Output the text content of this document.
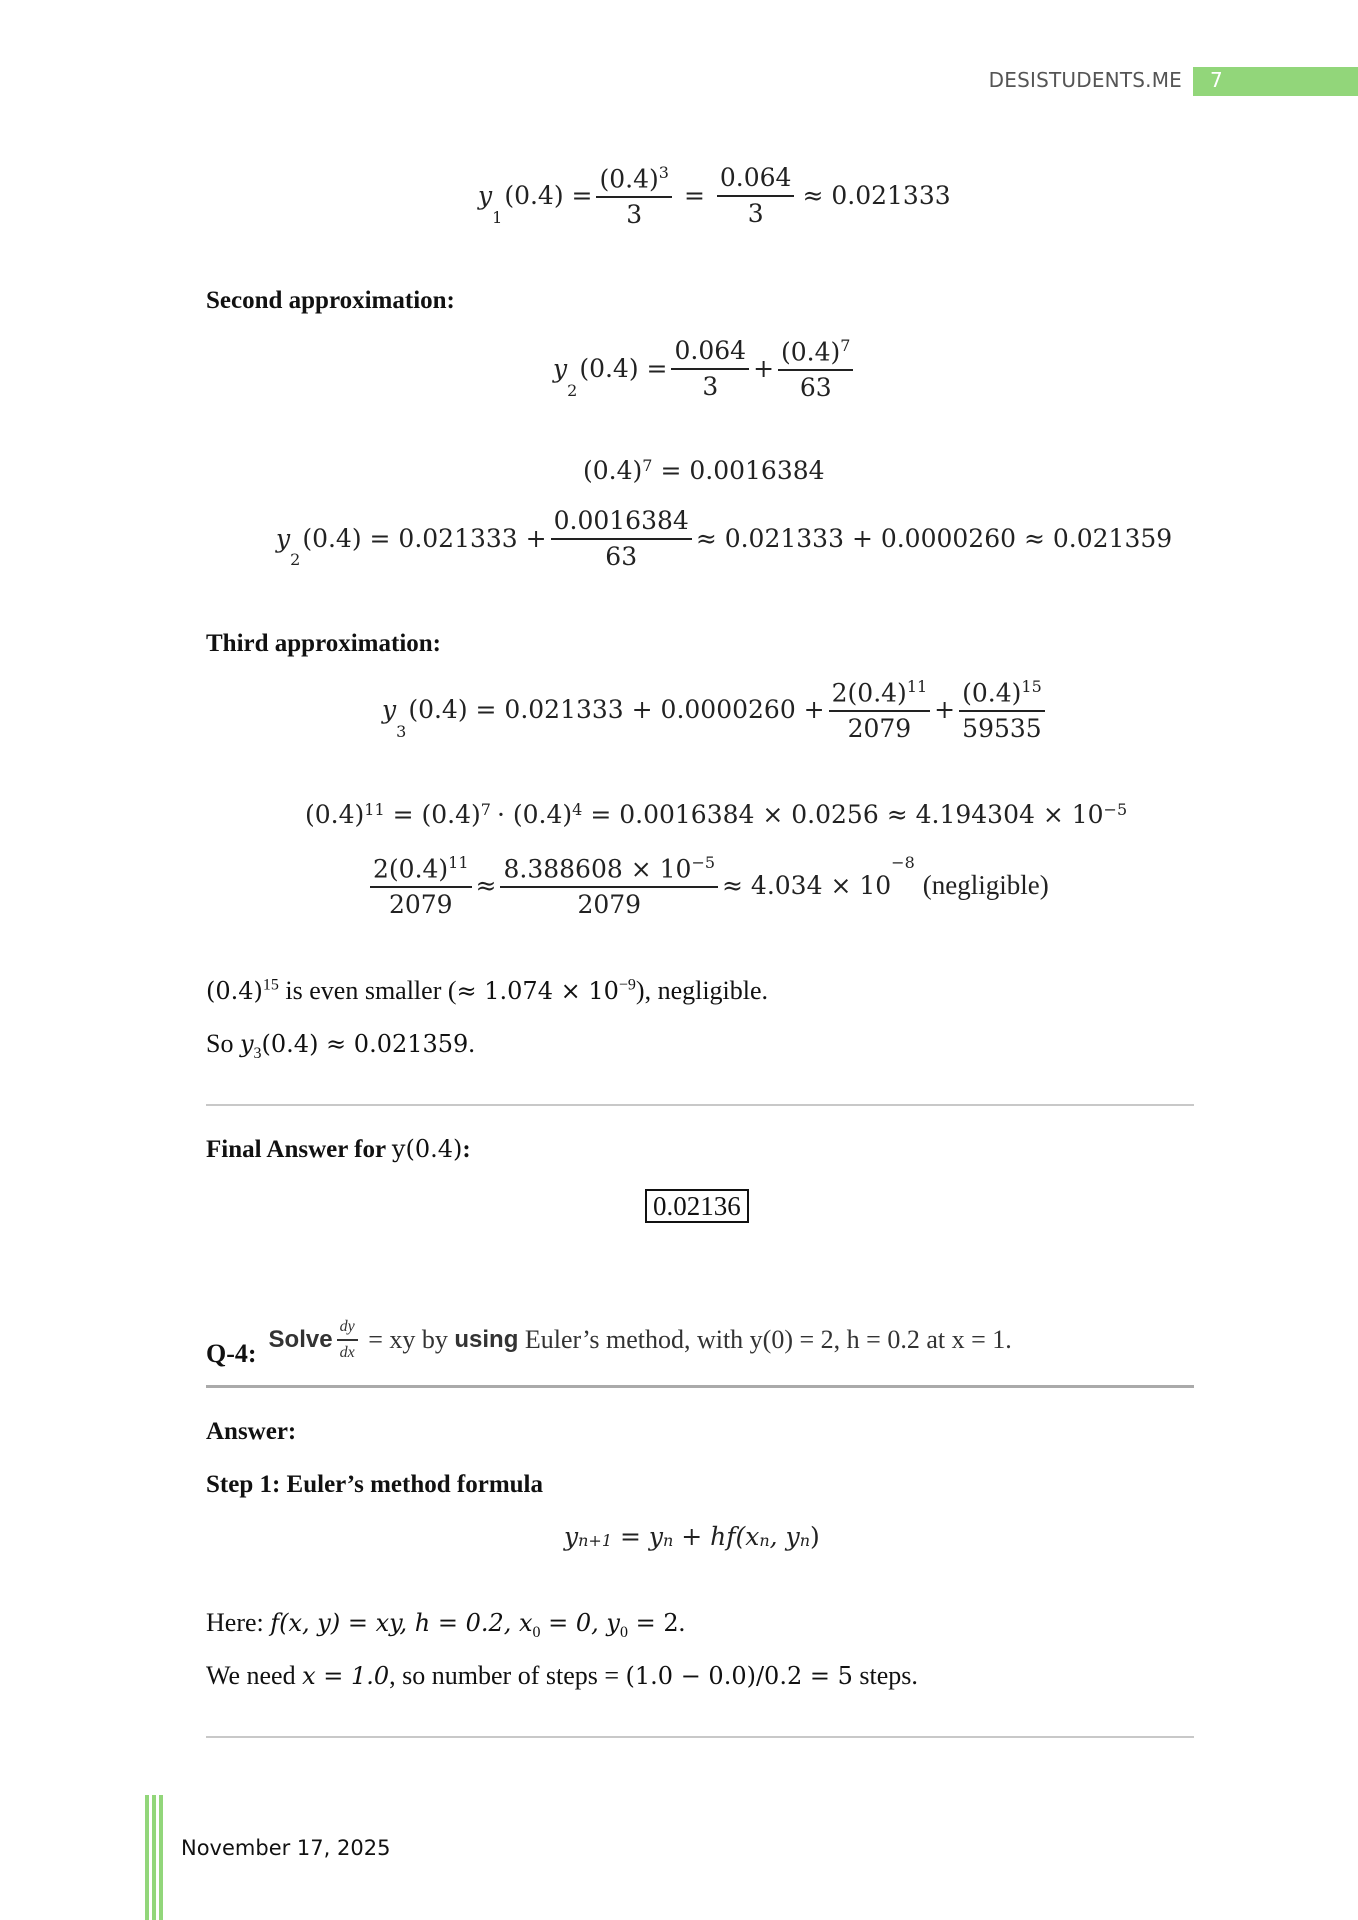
DESISTUDENTS.ME 7
y
1
$(0.4) = \frac{(0.4)^3}{3} = \frac{0.064}{3} \approx 0.021333$
Second approximation:
y
2
$(0.4) = \frac{0.064}{3} + \frac{(0.4)^7}{63}$
(0.4) 7 = 0.0016384
y
$_2$
$(0.4) = 0.021333 + \frac{0.0016384}{63} \approx 0.021333 + 0.0000260 \approx 0.021359$
Third approximation:
y
3
$(0.4) = 0.021333 + 0.0000260 + \frac{2(0.4)^{11}}{2079} + \frac{(0.4)^{15}}{59535}$
(0.4) 11 = (0.4) 7 · (0.4) 4 = 0.0016384 × 0.0256 ≈ 4.194304 × 10 −5
$\frac{2(0.4)^{11}}{2079} \approx \frac{8.388608 \times 10^{-5}}{2079} \approx 4.034 \times 10$
−8
(negligible)
$(0.4)^{15}$ is even smaller (≈ $1.074 \times 10^{-9}$), negligible.
So $y_3(0.4) \approx 0.021359$.
Final Answer for y(0.4):
0.02136
Q-4:
Solve $\frac{dy}{dx}$ = xy by using Euler’s method, with y(0) = 2, h = 0.2 at x = 1.
Answer:
Step 1: Euler’s method formula
y n+1 = y n + hf(x n , y n )
Here: f(x, y) = xy, h = 0.2, $x_0 = 0$, $y_0 = 2$.
We need x = 1.0, so number of steps = (1.0 − 0.0)/0.2 = 5 steps.
November 17, 2025
